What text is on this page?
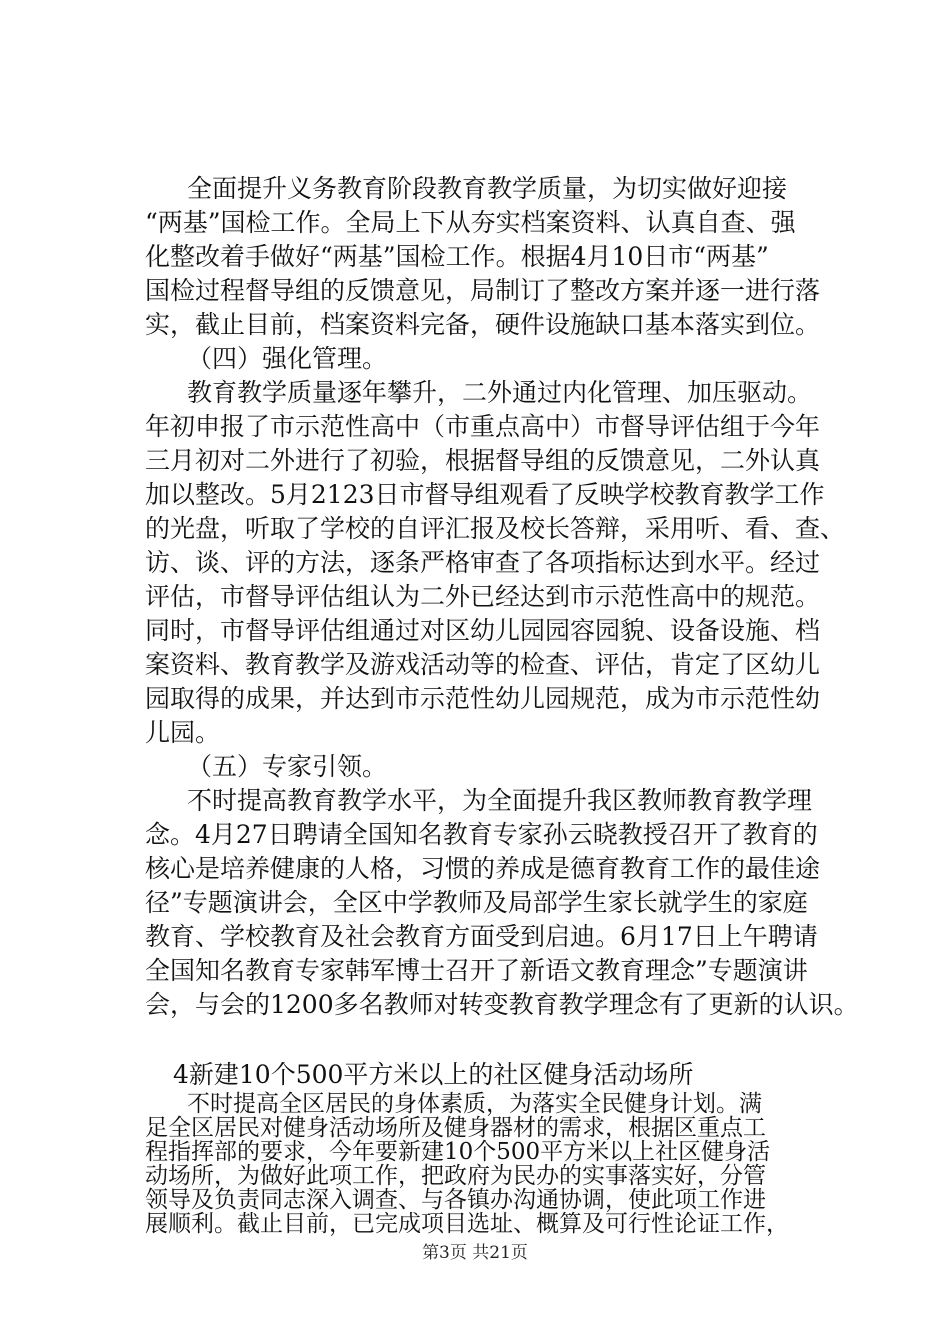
全面提升义务教育阶段教育教学质量，为切实做好迎接
“两基”国检工作。全局上下从夯实档案资料、认真自查、强
化整改着手做好“两基”国检工作。根据4月10日市“两基”
国检过程督导组的反馈意见，局制订了整改方案并逐一进行落
实，截止目前，档案资料完备，硬件设施缺口基本落实到位。
（四）强化管理。
教育教学质量逐年攀升，二外通过内化管理、加压驱动。
年初申报了市示范性高中（市重点高中）市督导评估组于今年
三月初对二外进行了初验，根据督导组的反馈意见，二外认真
加以整改。5月2123日市督导组观看了反映学校教育教学工作
的光盘，听取了学校的自评汇报及校长答辩，采用听、看、查、
访、谈、评的方法，逐条严格审查了各项指标达到水平。经过
评估，市督导评估组认为二外已经达到市示范性高中的规范。
同时，市督导评估组通过对区幼儿园园容园貌、设备设施、档
案资料、教育教学及游戏活动等的检查、评估，肯定了区幼儿
园取得的成果，并达到市示范性幼儿园规范，成为市示范性幼
儿园。
（五）专家引领。
不时提高教育教学水平，为全面提升我区教师教育教学理
念。4月27日聘请全国知名教育专家孙云晓教授召开了教育的
核心是培养健康的人格，习惯的养成是德育教育工作的最佳途
径”专题演讲会，全区中学教师及局部学生家长就学生的家庭
教育、学校教育及社会教育方面受到启迪。6月17日上午聘请
全国知名教育专家韩军博士召开了新语文教育理念”专题演讲
会，与会的1200多名教师对转变教育教学理念有了更新的认识。
4新建10个500平方米以上的社区健身活动场所
不时提高全区居民的身体素质，为落实全民健身计划。满
足全区居民对健身活动场所及健身器材的需求，根据区重点工
程指挥部的要求，今年要新建10个500平方米以上社区健身活
动场所，为做好此项工作，把政府为民办的实事落实好，分管
领导及负责同志深入调查、与各镇办沟通协调，使此项工作进
展顺利。截止目前，已完成项目选址、概算及可行性论证工作，
第3页 共21页
